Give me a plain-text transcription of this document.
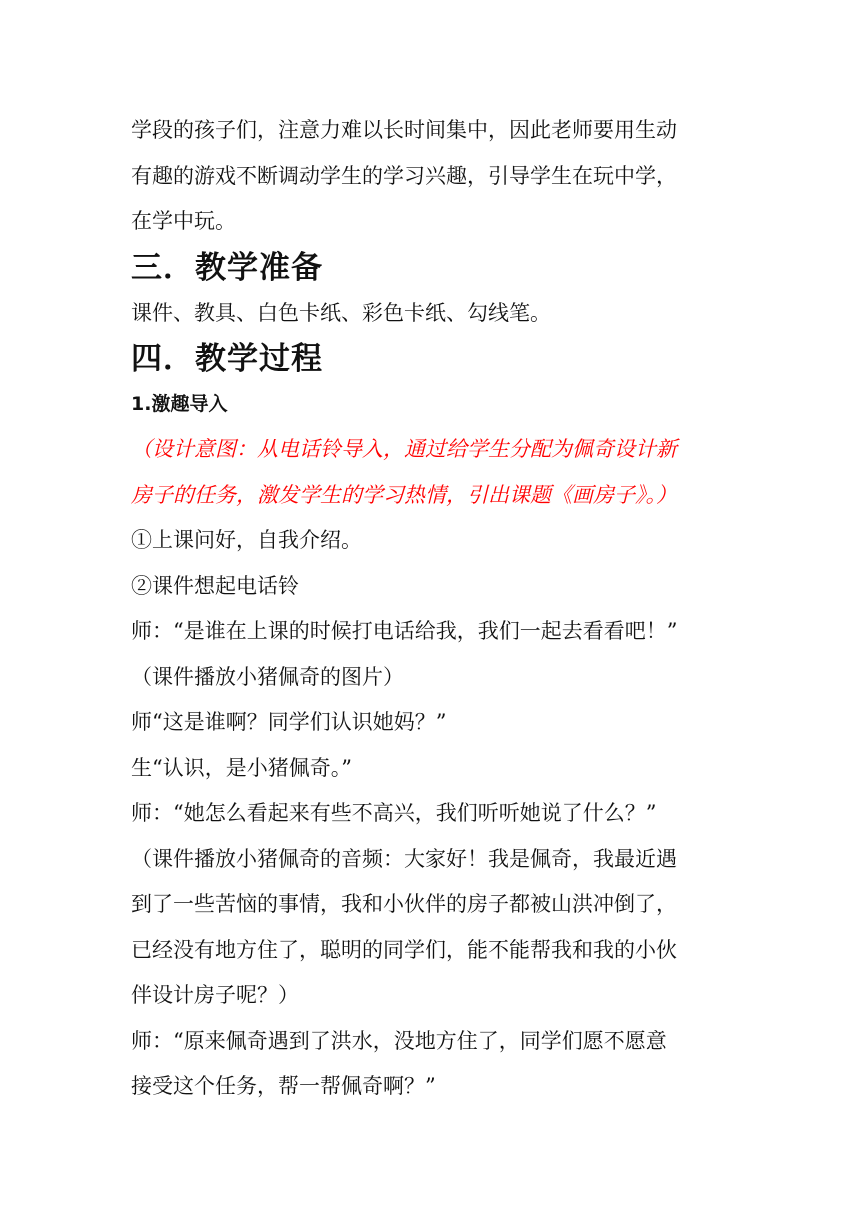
学段的孩子们，注意力难以长时间集中，因此老师要用生动

有趣的游戏不断调动学生的学习兴趣，引导学生在玩中学，

在学中玩。

三．教学准备

课件、教具、白色卡纸、彩色卡纸、勾线笔。

四．教学过程
1.激趣导入

（设计意图：从电话铃导入，通过给学生分配为佩奇设计新

房子的任务，激发学生的学习热情，引出课题《画房子》。）

①上课问好，自我介绍。

②课件想起电话铃

师：“是谁在上课的时候打电话给我，我们一起去看看吧！”

（课件播放小猪佩奇的图片）

师“这是谁啊？同学们认识她妈？”

生“认识，是小猪佩奇。”

师：“她怎么看起来有些不高兴，我们听听她说了什么？”

（课件播放小猪佩奇的音频：大家好！我是佩奇，我最近遇

到了一些苦恼的事情，我和小伙伴的房子都被山洪冲倒了，

已经没有地方住了，聪明的同学们，能不能帮我和我的小伙

伴设计房子呢？）

师：“原来佩奇遇到了洪水，没地方住了，同学们愿不愿意

接受这个任务，帮一帮佩奇啊？”
